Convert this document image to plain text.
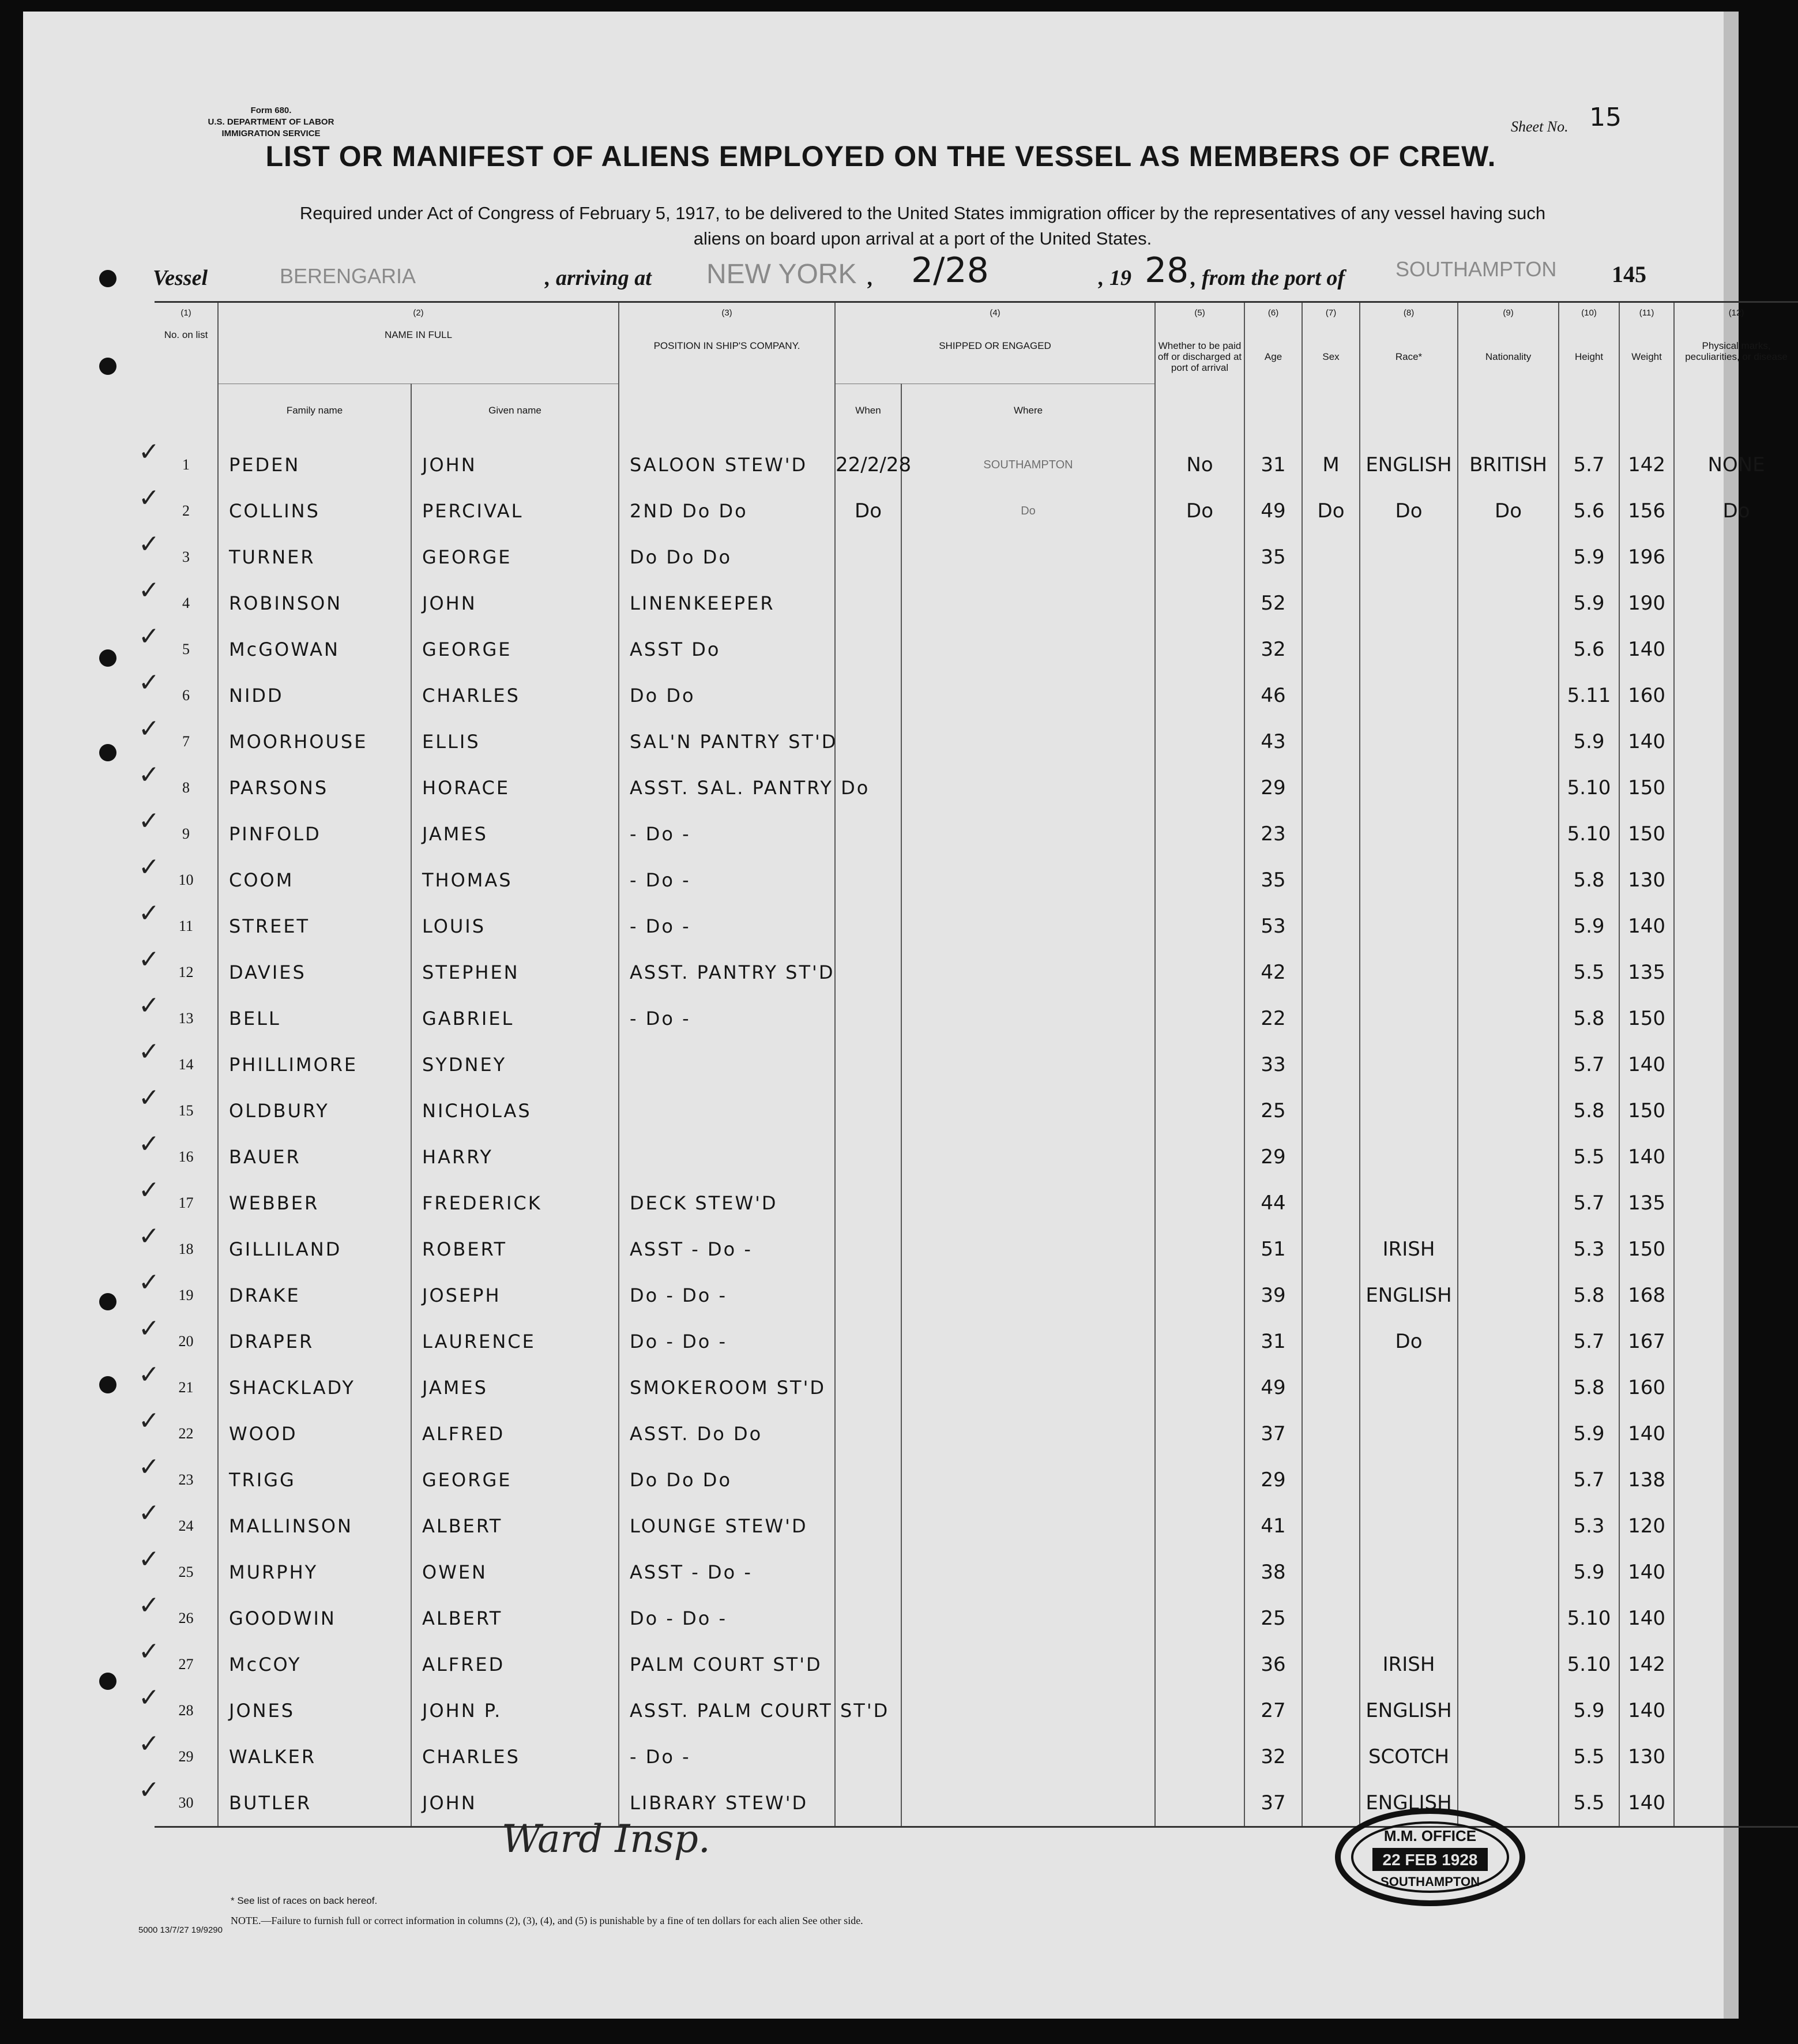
Form 680.
U.S. DEPARTMENT OF LABOR
IMMIGRATION SERVICE	Sheet No. 15
LIST OR MANIFEST OF ALIENS EMPLOYED ON THE VESSEL AS MEMBERS OF CREW.
Required under Act of Congress of February 5, 1917, to be delivered to the United States immigration officer by the representatives of any vessel having such
aliens on board upon arrival at a port of the United States.
Vessel	BERENGARIA	, arriving at NEW YORK , 2/28	, 19 28 , from the port of SOUTHAMPTON 145
(1)

No. on list	(2)

NAME IN FULL		(3)

POSITION IN SHIP'S COMPANY.	(4)

SHIPPED OR ENGAGED		(5)

Whether to be paid off or discharged at port of arrival	(6)

Age	(7)

Sex	(8)

Race*	(9)

Nationality	(10)

Height	(11)

Weight	(12)

Physical marks, peculiarities, or disease
	Family name	Given name		When	Where								
1	PEDEN	JOHN	SALOON STEW'D	22/2/28	SOUTHAMPTON	No	31	M	ENGLISH	BRITISH	5.7	142	NONE
2	COLLINS	PERCIVAL	2ND Do Do	Do	Do	Do	49	Do	Do	Do	5.6	156	Do
3	TURNER	GEORGE	Do Do Do				35				5.9	196	
4	ROBINSON	JOHN	LINENKEEPER				52				5.9	190	
5	McGOWAN	GEORGE	ASST Do				32				5.6	140	
6	NIDD	CHARLES	Do Do				46				5.11	160	
7	MOORHOUSE	ELLIS	SAL'N PANTRY ST'D				43				5.9	140	
8	PARSONS	HORACE	ASST. SAL. PANTRY Do				29				5.10	150	
9	PINFOLD	JAMES	- Do -				23				5.10	150	
10	COOM	THOMAS	- Do -				35				5.8	130	
11	STREET	LOUIS	- Do -				53				5.9	140	
12	DAVIES	STEPHEN	ASST. PANTRY ST'D				42				5.5	135	
13	BELL	GABRIEL	- Do -				22				5.8	150	
14	PHILLIMORE	SYDNEY					33				5.7	140	
15	OLDBURY	NICHOLAS					25				5.8	150	
16	BAUER	HARRY					29				5.5	140	
17	WEBBER	FREDERICK	DECK STEW'D				44				5.7	135	
18	GILLILAND	ROBERT	ASST - Do -				51		IRISH		5.3	150	
19	DRAKE	JOSEPH	Do - Do -				39		ENGLISH		5.8	168	
20	DRAPER	LAURENCE	Do - Do -				31		Do		5.7	167	
21	SHACKLADY	JAMES	SMOKEROOM ST'D				49				5.8	160	
22	WOOD	ALFRED	ASST. Do Do				37				5.9	140	
23	TRIGG	GEORGE	Do Do Do				29				5.7	138	
24	MALLINSON	ALBERT	LOUNGE STEW'D				41				5.3	120	
25	MURPHY	OWEN	ASST - Do -				38				5.9	140	
26	GOODWIN	ALBERT	Do - Do -				25				5.10	140	
27	McCOY	ALFRED	PALM COURT ST'D				36		IRISH		5.10	142	
28	JONES	JOHN P.	ASST. PALM COURT ST'D				27		ENGLISH		5.9	140	
29	WALKER	CHARLES	- Do -				32		SCOTCH		5.5	130	
30	BUTLER	JOHN	LIBRARY STEW'D				37		ENGLISH		5.5	140	
Ward Insp.	M.M. OFFICE
22 FEB 1928
SOUTHAMPTON
* See list of races on back hereof.
NOTE.—Failure to furnish full or correct information in columns (2), (3), (4), and (5) is punishable by a fine of ten dollars for each alien See other side.
5000 13/7/27 19/9290
✓
✓
✓
✓
✓
✓
✓
✓
✓
✓
✓
✓
✓
✓
✓
✓
✓
✓
✓
✓
✓
✓
✓
✓
✓
✓
✓
✓
✓
✓
